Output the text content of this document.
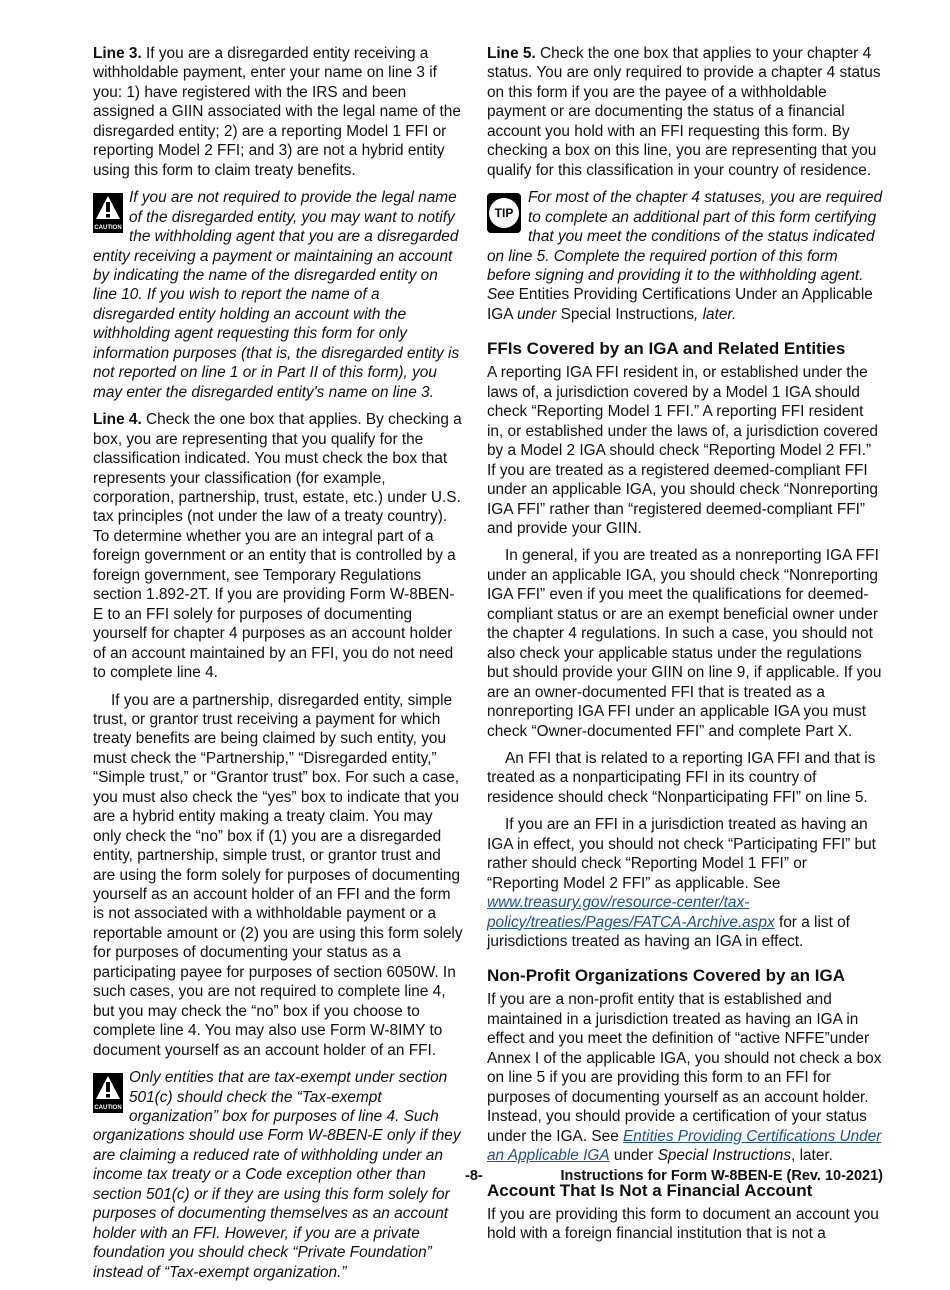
Line 3. If you are a disregarded entity receiving a withholdable payment, enter your name on line 3 if you: 1) have registered with the IRS and been assigned a GIIN associated with the legal name of the disregarded entity; 2) are a reporting Model 1 FFI or reporting Model 2 FFI; and 3) are not a hybrid entity using this form to claim treaty benefits.
CAUTION
If you are not required to provide the legal name of the disregarded entity, you may want to notify the withholding agent that you are a disregarded entity receiving a payment or maintaining an account by indicating the name of the disregarded entity on line 10. If you wish to report the name of a disregarded entity holding an account with the withholding agent requesting this form for only information purposes (that is, the disregarded entity is not reported on line 1 or in Part II of this form), you may enter the disregarded entity's name on line 3.
Line 4. Check the one box that applies. By checking a box, you are representing that you qualify for the classification indicated. You must check the box that represents your classification (for example, corporation, partnership, trust, estate, etc.) under U.S. tax principles (not under the law of a treaty country). To determine whether you are an integral part of a foreign government or an entity that is controlled by a foreign government, see Temporary Regulations section 1.892-2T. If you are providing Form W-8BEN-E to an FFI solely for purposes of documenting yourself for chapter 4 purposes as an account holder of an account maintained by an FFI, you do not need to complete line 4.
If you are a partnership, disregarded entity, simple trust, or grantor trust receiving a payment for which treaty benefits are being claimed by such entity, you must check the “Partnership,” “Disregarded entity,” “Simple trust,” or “Grantor trust” box. For such a case, you must also check the “yes” box to indicate that you are a hybrid entity making a treaty claim. You may only check the “no” box if (1) you are a disregarded entity, partnership, simple trust, or grantor trust and are using the form solely for purposes of documenting yourself as an account holder of an FFI and the form is not associated with a withholdable payment or a reportable amount or (2) you are using this form solely for purposes of documenting your status as a participating payee for purposes of section 6050W. In such cases, you are not required to complete line 4, but you may check the “no” box if you choose to complete line 4. You may also use Form W-8IMY to document yourself as an account holder of an FFI.
CAUTION
Only entities that are tax-exempt under section 501(c) should check the “Tax-exempt organization” box for purposes of line 4. Such organizations should use Form W-8BEN-E only if they are claiming a reduced rate of withholding under an income tax treaty or a Code exception other than section 501(c) or if they are using this form solely for purposes of documenting themselves as an account holder with an FFI. However, if you are a private foundation you should check “Private Foundation” instead of “Tax-exempt organization.”
Line 5. Check the one box that applies to your chapter 4 status. You are only required to provide a chapter 4 status on this form if you are the payee of a withholdable payment or are documenting the status of a financial account you hold with an FFI requesting this form. By checking a box on this line, you are representing that you qualify for this classification in your country of residence.
TIP
For most of the chapter 4 statuses, you are required to complete an additional part of this form certifying that you meet the conditions of the status indicated on line 5. Complete the required portion of this form before signing and providing it to the withholding agent. See Entities Providing Certifications Under an Applicable IGA under Special Instructions, later.
FFIs Covered by an IGA and Related Entities
A reporting IGA FFI resident in, or established under the laws of, a jurisdiction covered by a Model 1 IGA should check “Reporting Model 1 FFI.” A reporting FFI resident in, or established under the laws of, a jurisdiction covered by a Model 2 IGA should check “Reporting Model 2 FFI.” If you are treated as a registered deemed-compliant FFI under an applicable IGA, you should check “Nonreporting IGA FFI” rather than “registered deemed-compliant FFI” and provide your GIIN.
In general, if you are treated as a nonreporting IGA FFI under an applicable IGA, you should check “Nonreporting IGA FFI” even if you meet the qualifications for deemed-compliant status or are an exempt beneficial owner under the chapter 4 regulations. In such a case, you should not also check your applicable status under the regulations but should provide your GIIN on line 9, if applicable. If you are an owner-documented FFI that is treated as a nonreporting IGA FFI under an applicable IGA you must check “Owner-documented FFI” and complete Part X.
An FFI that is related to a reporting IGA FFI and that is treated as a nonparticipating FFI in its country of residence should check “Nonparticipating FFI” on line 5.
If you are an FFI in a jurisdiction treated as having an IGA in effect, you should not check “Participating FFI” but rather should check “Reporting Model 1 FFI” or “Reporting Model 2 FFI” as applicable. See www.treasury.gov/resource-center/tax-policy/treaties/Pages/FATCA-Archive.aspx for a list of jurisdictions treated as having an IGA in effect.
Non-Profit Organizations Covered by an IGA
If you are a non-profit entity that is established and maintained in a jurisdiction treated as having an IGA in effect and you meet the definition of “active NFFE”under Annex I of the applicable IGA, you should not check a box on line 5 if you are providing this form to an FFI for purposes of documenting yourself as an account holder. Instead, you should provide a certification of your status under the IGA. See Entities Providing Certifications Under an Applicable IGA under Special Instructions, later.
Account That Is Not a Financial Account
If you are providing this form to document an account you hold with a foreign financial institution that is not a
-8-	Instructions for Form W-8BEN-E (Rev. 10-2021)
